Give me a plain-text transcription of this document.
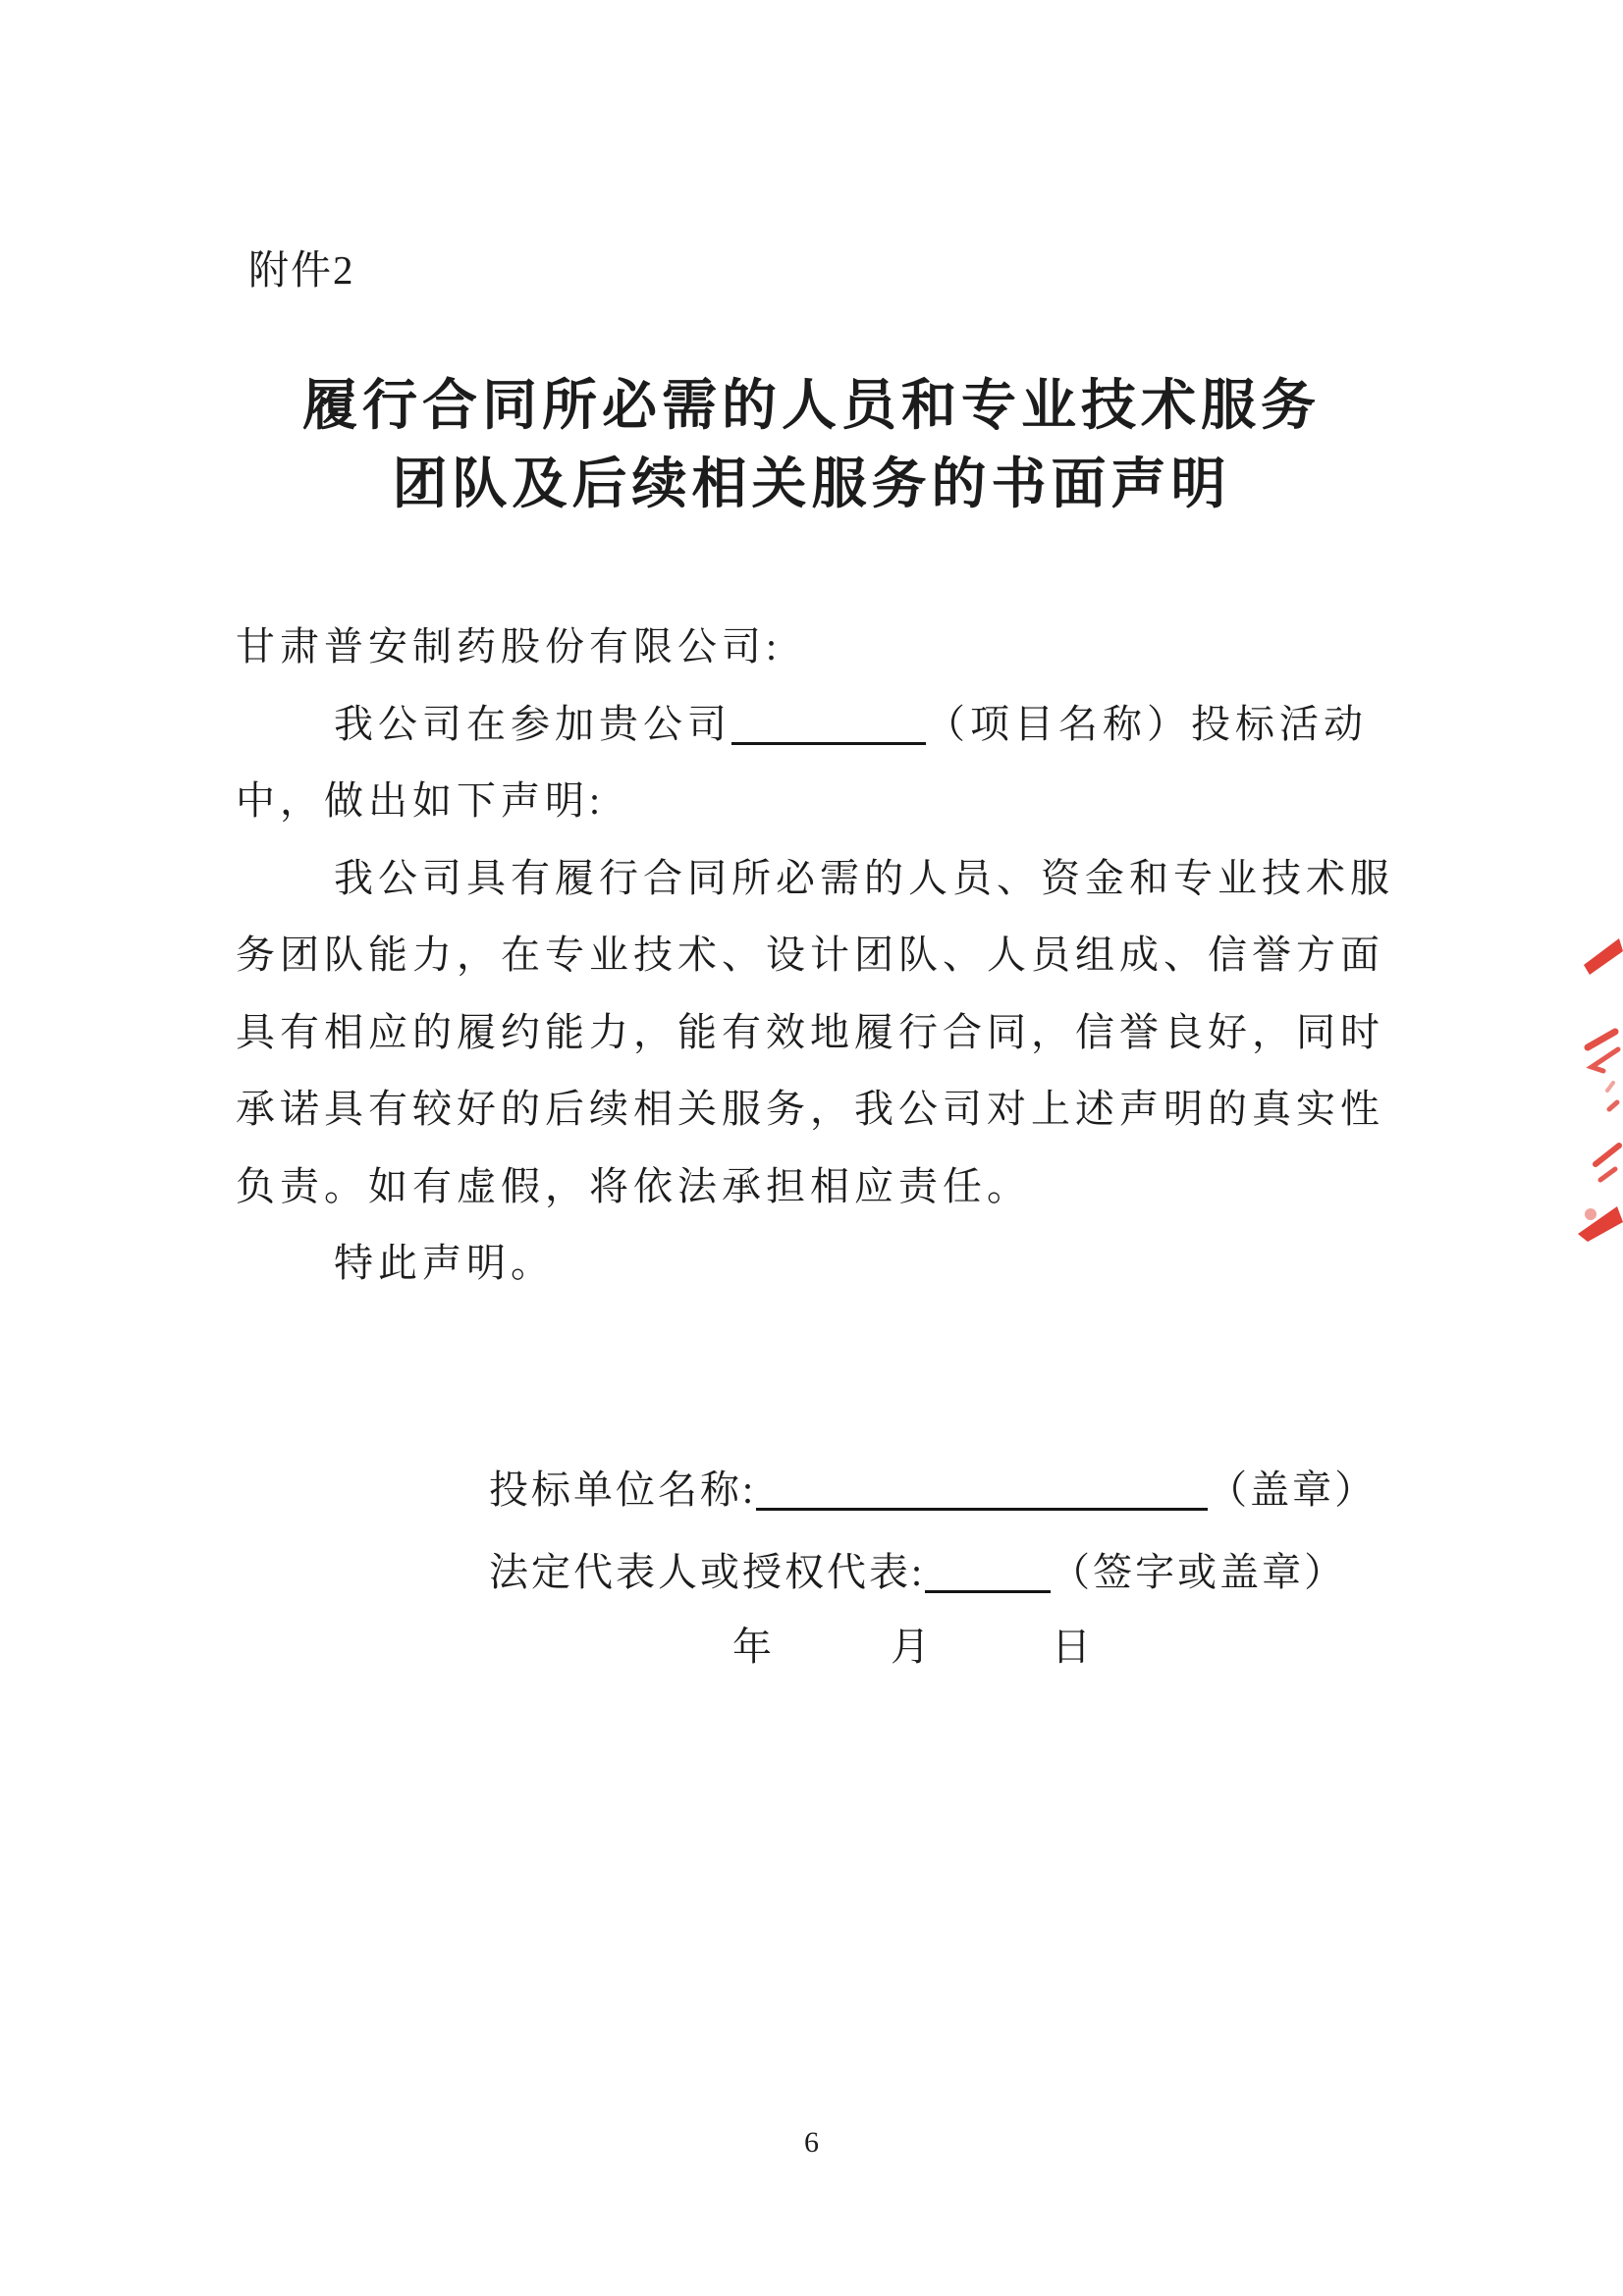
附件2
履行合同所必需的人员和专业技术服务
团队及后续相关服务的书面声明
甘肃普安制药股份有限公司:
我公司在参加贵公司	（项目名称）投标活动
中，做出如下声明:
我公司具有履行合同所必需的人员、资金和专业技术服
务团队能力，在专业技术、设计团队、人员组成、信誉方面
具有相应的履约能力，能有效地履行合同，信誉良好，同时
承诺具有较好的后续相关服务，我公司对上述声明的真实性
负责。如有虚假，将依法承担相应责任。
特此声明。
投标单位名称:	（盖章）
法定代表人或授权代表:	（签字或盖章）
年	月	日
6
